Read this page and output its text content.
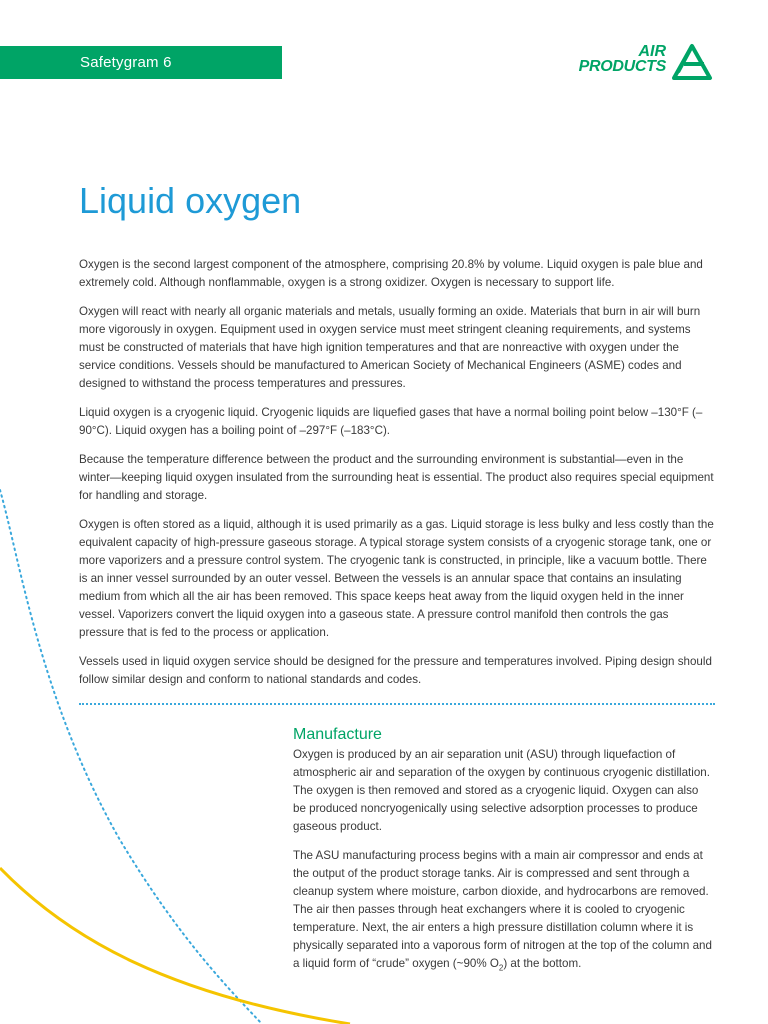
Safetygram 6
AIR
PRODUCTS
Liquid oxygen

Oxygen is the second largest component of the atmosphere, comprising 20.8% by volume. Liquid oxygen is pale blue and extremely cold. Although nonflammable, oxygen is a strong oxidizer. Oxygen is necessary to support life.

Oxygen will react with nearly all organic materials and metals, usually forming an oxide. Materials that burn in air will burn more vigorously in oxygen. Equipment used in oxygen service must meet stringent cleaning requirements, and systems must be constructed of materials that have high ignition temperatures and that are nonreactive with oxygen under the service conditions. Vessels should be manufactured to American Society of Mechanical Engineers (ASME) codes and designed to withstand the process temperatures and pressures.

Liquid oxygen is a cryogenic liquid. Cryogenic liquids are liquefied gases that have a normal boiling point below –130°F (–90°C). Liquid oxygen has a boiling point of –297°F (–183°C).

Because the temperature difference between the product and the surrounding environment is substantial—even in the winter—keeping liquid oxygen insulated from the surrounding heat is essential. The product also requires special equipment for handling and storage.

Oxygen is often stored as a liquid, although it is used primarily as a gas. Liquid storage is less bulky and less costly than the equivalent capacity of high-pressure gaseous storage. A typical storage system consists of a cryogenic storage tank, one or more vaporizers and a pressure control system. The cryogenic tank is constructed, in principle, like a vacuum bottle. There is an inner vessel surrounded by an outer vessel. Between the vessels is an annular space that contains an insulating medium from which all the air has been removed. This space keeps heat away from the liquid oxygen held in the inner vessel. Vaporizers convert the liquid oxygen into a gaseous state. A pressure control manifold then controls the gas pressure that is fed to the process or application.

Vessels used in liquid oxygen service should be designed for the pressure and temperatures involved. Piping design should follow similar design and conform to national standards and codes.

Manufacture

Oxygen is produced by an air separation unit (ASU) through liquefaction of atmospheric air and separation of the oxygen by continuous cryogenic distillation. The oxygen is then removed and stored as a cryogenic liquid. Oxygen can also be produced noncryogenically using selective adsorption processes to produce gaseous product.

The ASU manufacturing process begins with a main air compressor and ends at the output of the product storage tanks. Air is compressed and sent through a cleanup system where moisture, carbon dioxide, and hydrocarbons are removed. The air then passes through heat exchangers where it is cooled to cryogenic temperature. Next, the air enters a high pressure distillation column where it is physically separated into a vaporous form of nitrogen at the top of the column and a liquid form of “crude” oxygen (~90% $O_2$) at the bottom.
